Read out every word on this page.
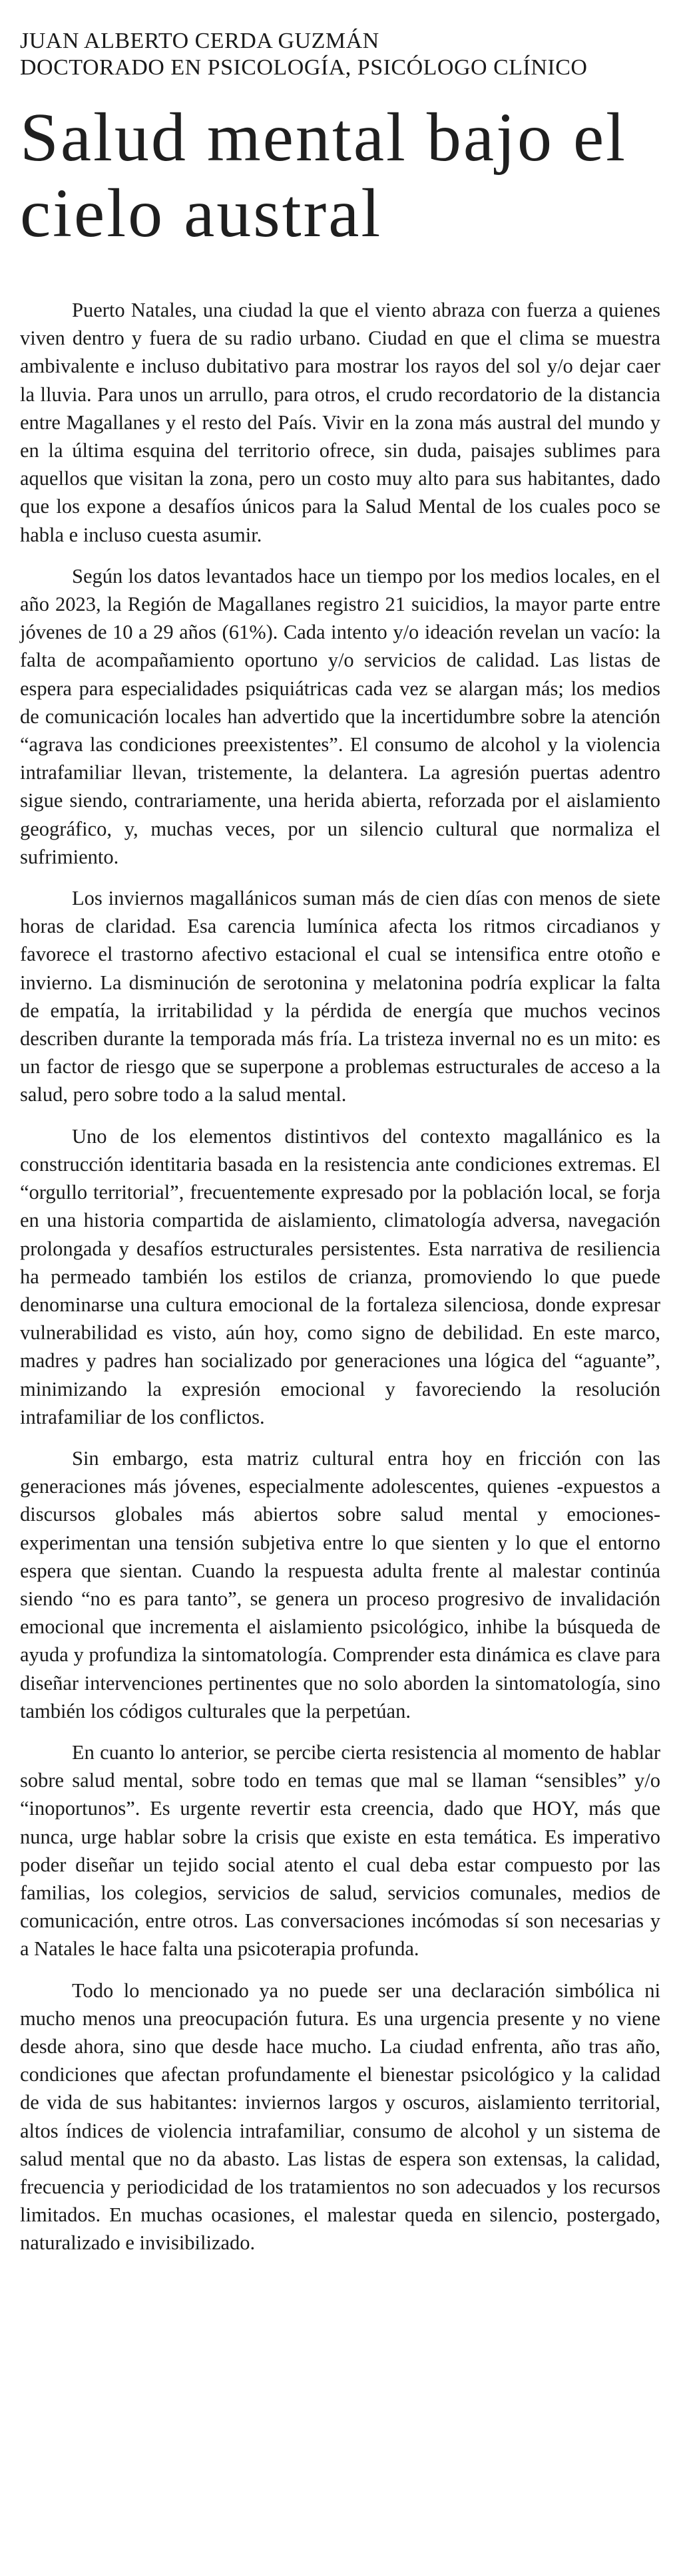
JUAN ALBERTO CERDA GUZMÁN
DOCTORADO EN PSICOLOGÍA, PSICÓLOGO CLÍNICO
Salud mental bajo el cielo austral

Puerto Natales, una ciudad la que el viento abraza con fuerza a quienes viven dentro y fuera de su radio urbano. Ciudad en que el clima se muestra ambivalente e incluso dubitativo para mostrar los rayos del sol y/o dejar caer la lluvia. Para unos un arrullo, para otros, el crudo recordatorio de la distancia entre Magallanes y el resto del País. Vivir en la zona más austral del mundo y en la última esquina del territorio ofrece, sin duda, paisajes sublimes para aquellos que visitan la zona, pero un costo muy alto para sus habitantes, dado que los expone a desafíos únicos para la Salud Mental de los cuales poco se habla e incluso cuesta asumir.

Según los datos levantados hace un tiempo por los medios locales, en el año 2023, la Región de Magallanes registro 21 suicidios, la mayor parte entre jóvenes de 10 a 29 años (61%). Cada intento y/o ideación revelan un vacío: la falta de acompañamiento oportuno y/o servicios de calidad. Las listas de espera para especialidades psiquiátricas cada vez se alargan más; los medios de comunicación locales han advertido que la incertidumbre sobre la atención “agrava las condiciones preexistentes”. El consumo de alcohol y la violencia intrafamiliar llevan, tristemente, la delantera. La agresión puertas adentro sigue siendo, contrariamente, una herida abierta, reforzada por el aislamiento geográfico, y, muchas veces, por un silencio cultural que normaliza el sufrimiento.

Los inviernos magallánicos suman más de cien días con menos de siete horas de claridad. Esa carencia lumínica afecta los ritmos circadianos y favorece el trastorno afectivo estacional el cual se intensifica entre otoño e invierno. La disminución de serotonina y melatonina podría explicar la falta de empatía, la irritabilidad y la pérdida de energía que muchos vecinos describen durante la temporada más fría. La tristeza invernal no es un mito: es un factor de riesgo que se superpone a problemas estructurales de acceso a la salud, pero sobre todo a la salud mental.

Uno de los elementos distintivos del contexto magallánico es la construcción identitaria basada en la resistencia ante condiciones extremas. El “orgullo territorial”, frecuentemente expresado por la población local, se forja en una historia compartida de aislamiento, climatología adversa, navegación prolongada y desafíos estructurales persistentes. Esta narrativa de resiliencia ha permeado también los estilos de crianza, promoviendo lo que puede denominarse una cultura emocional de la fortaleza silenciosa, donde expresar vulnerabilidad es visto, aún hoy, como signo de debilidad. En este marco, madres y padres han socializado por generaciones una lógica del “aguante”, minimizando la expresión emocional y favoreciendo la resolución intrafamiliar de los conflictos.

Sin embargo, esta matriz cultural entra hoy en fricción con las generaciones más jóvenes, especialmente adolescentes, quienes -expuestos a discursos globales más abiertos sobre salud mental y emociones- experimentan una tensión subjetiva entre lo que sienten y lo que el entorno espera que sientan. Cuando la respuesta adulta frente al malestar continúa siendo “no es para tanto”, se genera un proceso progresivo de invalidación emocional que incrementa el aislamiento psicológico, inhibe la búsqueda de ayuda y profundiza la sintomatología. Comprender esta dinámica es clave para diseñar intervenciones pertinentes que no solo aborden la sintomatología, sino también los códigos culturales que la perpetúan.

En cuanto lo anterior, se percibe cierta resistencia al momento de hablar sobre salud mental, sobre todo en temas que mal se llaman “sensibles” y/o “inoportunos”. Es urgente revertir esta creencia, dado que HOY, más que nunca, urge hablar sobre la crisis que existe en esta temática. Es imperativo poder diseñar un tejido social atento el cual deba estar compuesto por las familias, los colegios, servicios de salud, servicios comunales, medios de comunicación, entre otros. Las conversaciones incómodas sí son necesarias y a Natales le hace falta una psicoterapia profunda.

Todo lo mencionado ya no puede ser una declaración simbólica ni mucho menos una preocupación futura. Es una urgencia presente y no viene desde ahora, sino que desde hace mucho. La ciudad enfrenta, año tras año, condiciones que afectan profundamente el bienestar psicológico y la calidad de vida de sus habitantes: inviernos largos y oscuros, aislamiento territorial, altos índices de violencia intrafamiliar, consumo de alcohol y un sistema de salud mental que no da abasto. Las listas de espera son extensas, la calidad, frecuencia y periodicidad de los tratamientos no son adecuados y los recursos limitados. En muchas ocasiones, el malestar queda en silencio, postergado, naturalizado e invisibilizado.
